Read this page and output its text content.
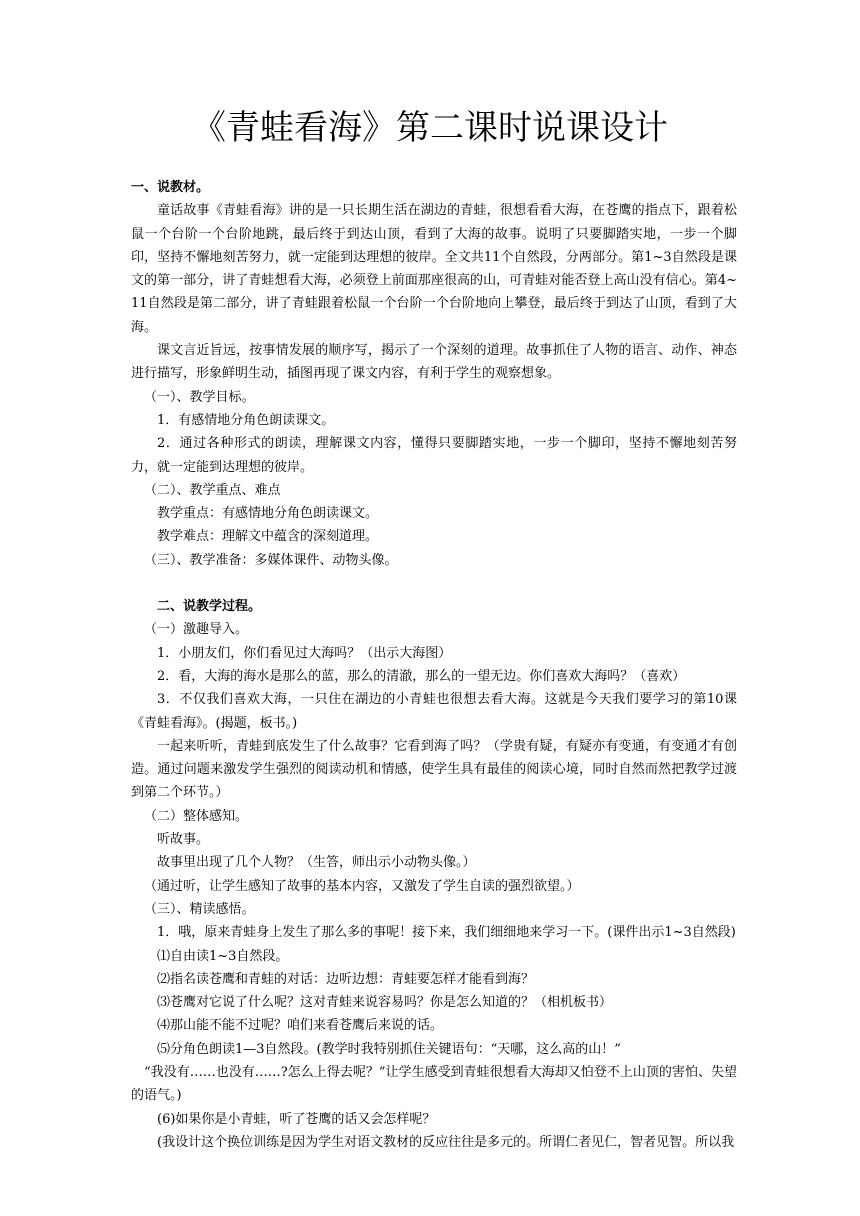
《青蛙看海》第二课时说课设计

一、说教材。

童话故事《青蛙看海》讲的是一只长期生活在湖边的青蛙，很想看看大海，在苍鹰的指点下，跟着松鼠一个台阶一个台阶地跳，最后终于到达山顶，看到了大海的故事。说明了只要脚踏实地，一步一个脚印，坚持不懈地刻苦努力，就一定能到达理想的彼岸。全文共11个自然段，分两部分。第1~3自然段是课文的第一部分，讲了青蛙想看大海，必须登上前面那座很高的山，可青蛙对能否登上高山没有信心。第4~11自然段是第二部分，讲了青蛙跟着松鼠一个台阶一个台阶地向上攀登，最后终于到达了山顶，看到了大海。

课文言近旨远，按事情发展的顺序写，揭示了一个深刻的道理。故事抓住了人物的语言、动作、神态进行描写，形象鲜明生动，插图再现了课文内容，有利于学生的观察想象。

（一）、教学目标。

1．有感情地分角色朗读课文。

2．通过各种形式的朗读，理解课文内容，懂得只要脚踏实地，一步一个脚印，坚持不懈地刻苦努力，就一定能到达理想的彼岸。

（二）、教学重点、难点

教学重点：有感情地分角色朗读课文。

教学难点：理解文中蕴含的深刻道理。

（三）、教学准备：多媒体课件、动物头像。

二、说教学过程。

（一）激趣导入。

1．小朋友们，你们看见过大海吗？（出示大海图）

2．看，大海的海水是那么的蓝，那么的清澈，那么的一望无边。你们喜欢大海吗？（喜欢）

3．不仅我们喜欢大海，一只住在湖边的小青蛙也很想去看大海。这就是今天我们要学习的第10课《青蛙看海》。(揭题，板书。)

一起来听听，青蛙到底发生了什么故事？它看到海了吗？（学贵有疑，有疑亦有变通，有变通才有创造。通过问题来激发学生强烈的阅读动机和情感，使学生具有最佳的阅读心境，同时自然而然把教学过渡到第二个环节。）

（二）整体感知。

听故事。

故事里出现了几个人物？（生答，师出示小动物头像。）

（通过听，让学生感知了故事的基本内容，又激发了学生自读的强烈欲望。）

（三）、精读感悟。

1．哦，原来青蛙身上发生了那么多的事呢！接下来，我们细细地来学习一下。(课件出示1~3自然段)

⑴自由读1~3自然段。

⑵指名读苍鹰和青蛙的对话：边听边想：青蛙要怎样才能看到海？

⑶苍鹰对它说了什么呢？这对青蛙来说容易吗？你是怎么知道的？（相机板书）

⑷那山能不能不过呢？咱们来看苍鹰后来说的话。

⑸分角色朗读1—3自然段。(教学时我特别抓住关键语句：“天哪，这么高的山！”

“我没有……也没有……?怎么上得去呢？”让学生感受到青蛙很想看大海却又怕登不上山顶的害怕、失望的语气。)

(6)如果你是小青蛙，听了苍鹰的话又会怎样呢？

(我设计这个换位训练是因为学生对语文教材的反应往往是多元的。所谓仁者见仁，智者见智。所以我
